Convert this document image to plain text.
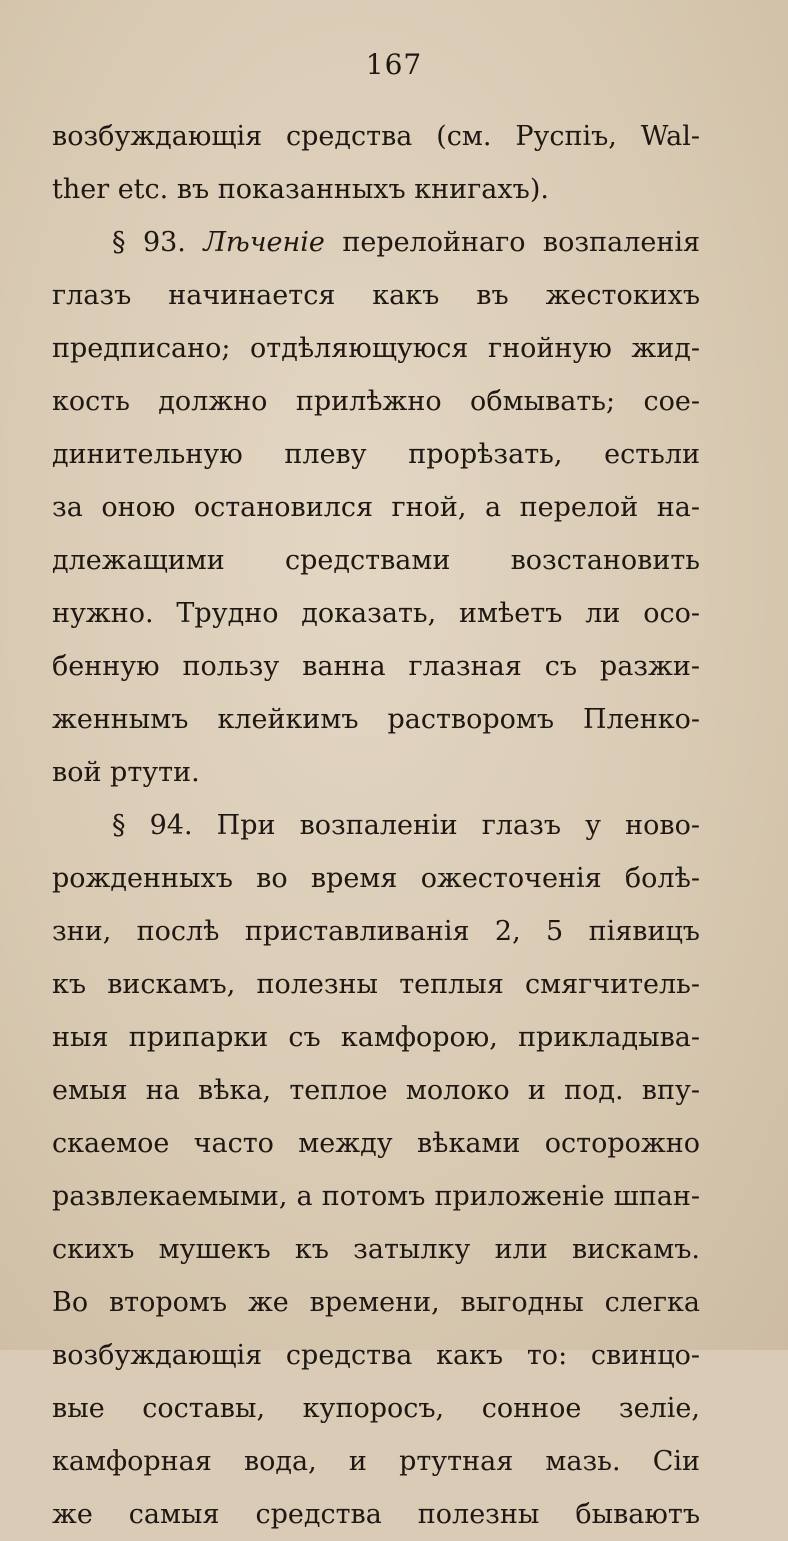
167
возбуждающія средства (см. Руспіъ, Wal-
ther etc. въ показанныхъ книгахъ).
§ 93. Лѣченіе перелойнаго возпаленія
глазъ начинается какъ въ жестокихъ
предписано; отдѣляющуюся гнойную жид-
кость должно прилѣжно обмывать; сое-
динительную плеву прорѣзать, естьли
за оною остановился гной, а перелой на-
длежащими средствами возстановить
нужно. Трудно доказать, имѣетъ ли осо-
бенную пользу ванна глазная съ разжи-
женнымъ клейкимъ растворомъ Пленко-
вой ртути.
§ 94. При возпаленіи глазъ у ново-
рожденныхъ во время ожесточенія болѣ-
зни, послѣ приставливанія 2, 5 піявицъ
къ вискамъ, полезны теплыя смягчитель-
ныя припарки съ камфорою, прикладыва-
емыя на вѣка, теплое молоко и под. впу-
скаемое часто между вѣками осторожно
развлекаемыми, а потомъ приложеніе шпан-
скихъ мушекъ къ затылку или вискамъ.
Во второмъ же времени, выгодны слегка
возбуждающія средства какъ то: свинцо-
вые составы, купоросъ, сонное зеліе,
камфорная вода, и ртутная мазь. Сіи
же самыя средства полезны бываютъ
